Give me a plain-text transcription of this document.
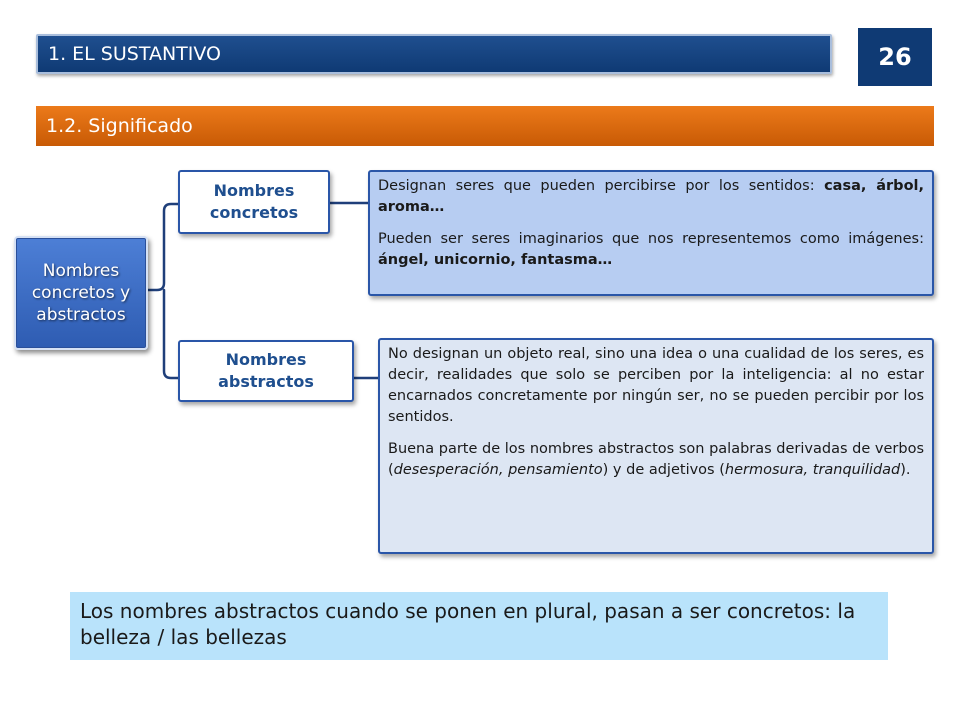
1. EL SUSTANTIVO	26
1.2. Significado
Nombres concretos y abstractos
Nombres
concretos
Nombres
abstractos

Designan seres que pueden percibirse por los sentidos: casa, árbol, aroma…

Pueden ser seres imaginarios que nos representemos como imágenes: ángel, unicornio, fantasma…

No designan un objeto real, sino una idea o una cualidad de los seres, es decir, realidades que solo se perciben por la inteligencia: al no estar encarnados concretamente por ningún ser, no se pueden percibir por los sentidos.

Buena parte de los nombres abstractos son palabras derivadas de verbos (desesperación, pensamiento) y de adjetivos (hermosura, tranquilidad).

Los nombres abstractos cuando se ponen en plural, pasan a ser concretos: la belleza / las bellezas
